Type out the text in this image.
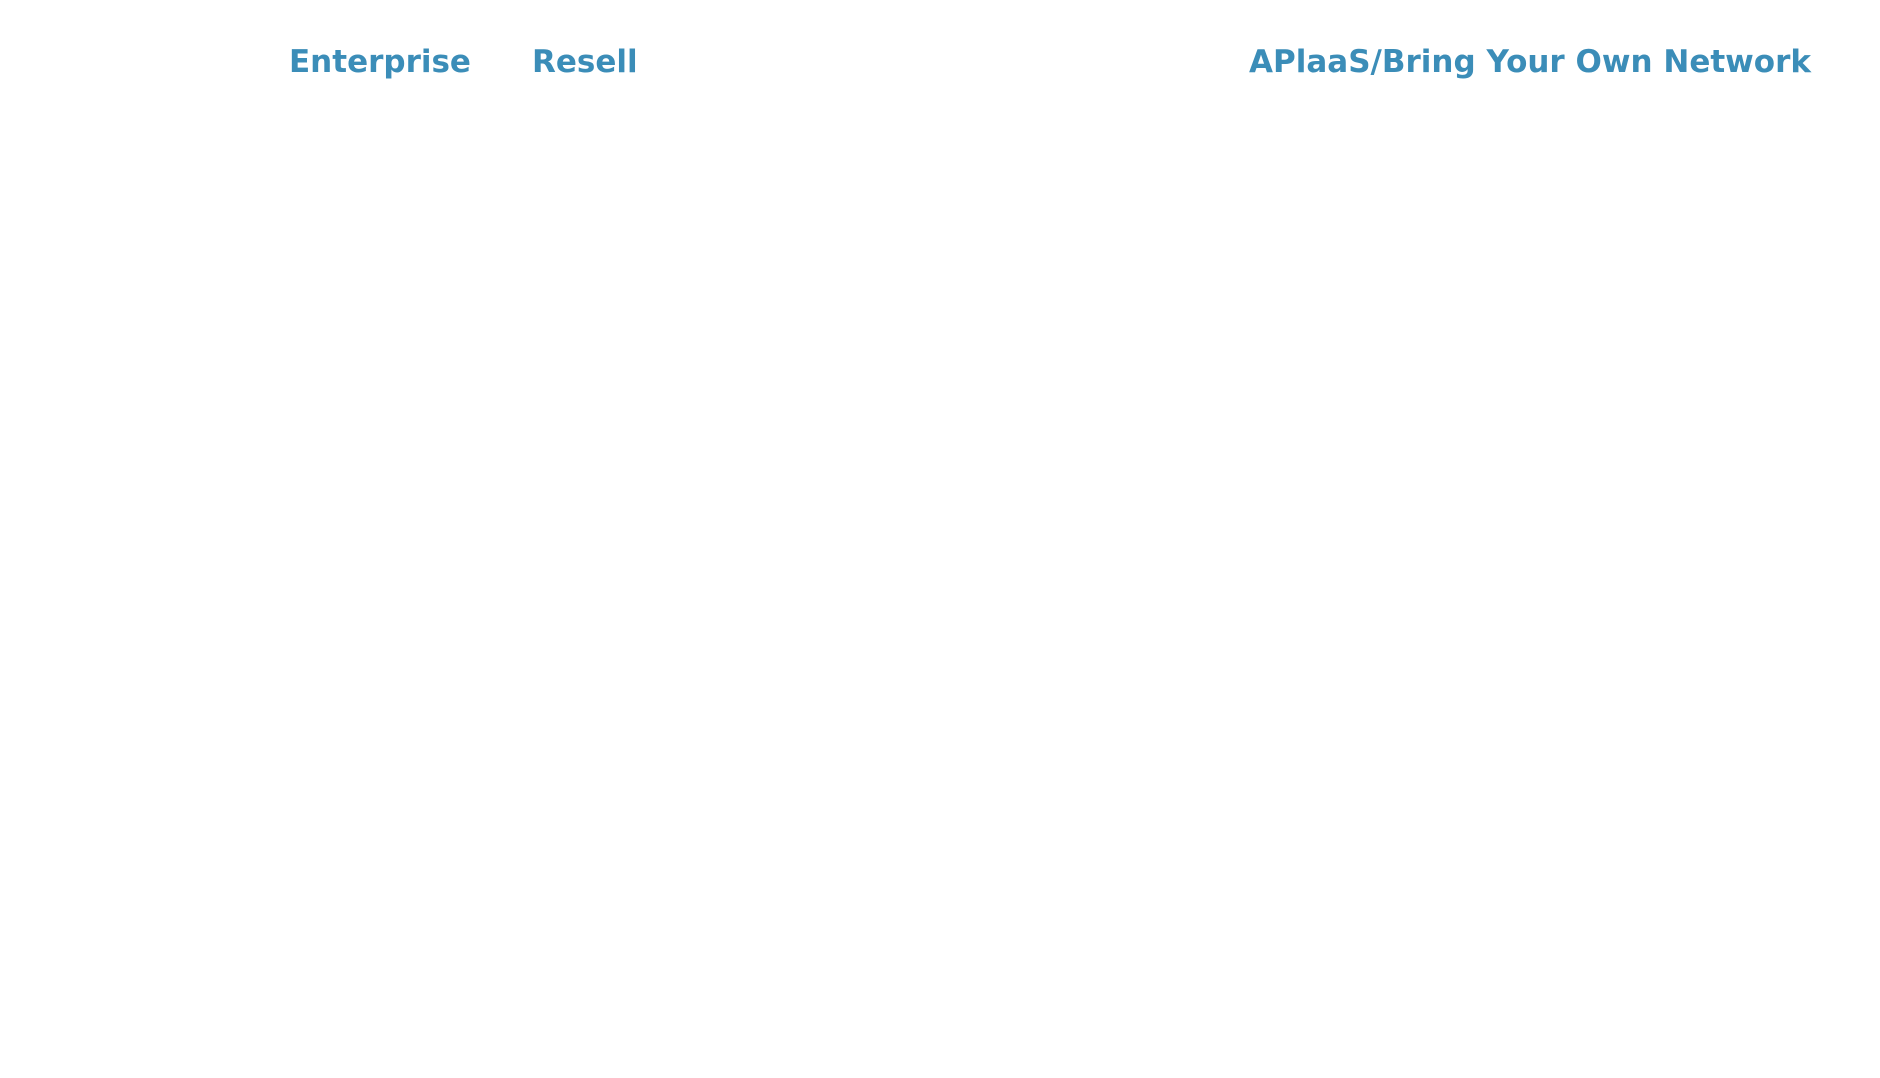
Enterprise Resell	APlaaS/Bring Your Own Network
